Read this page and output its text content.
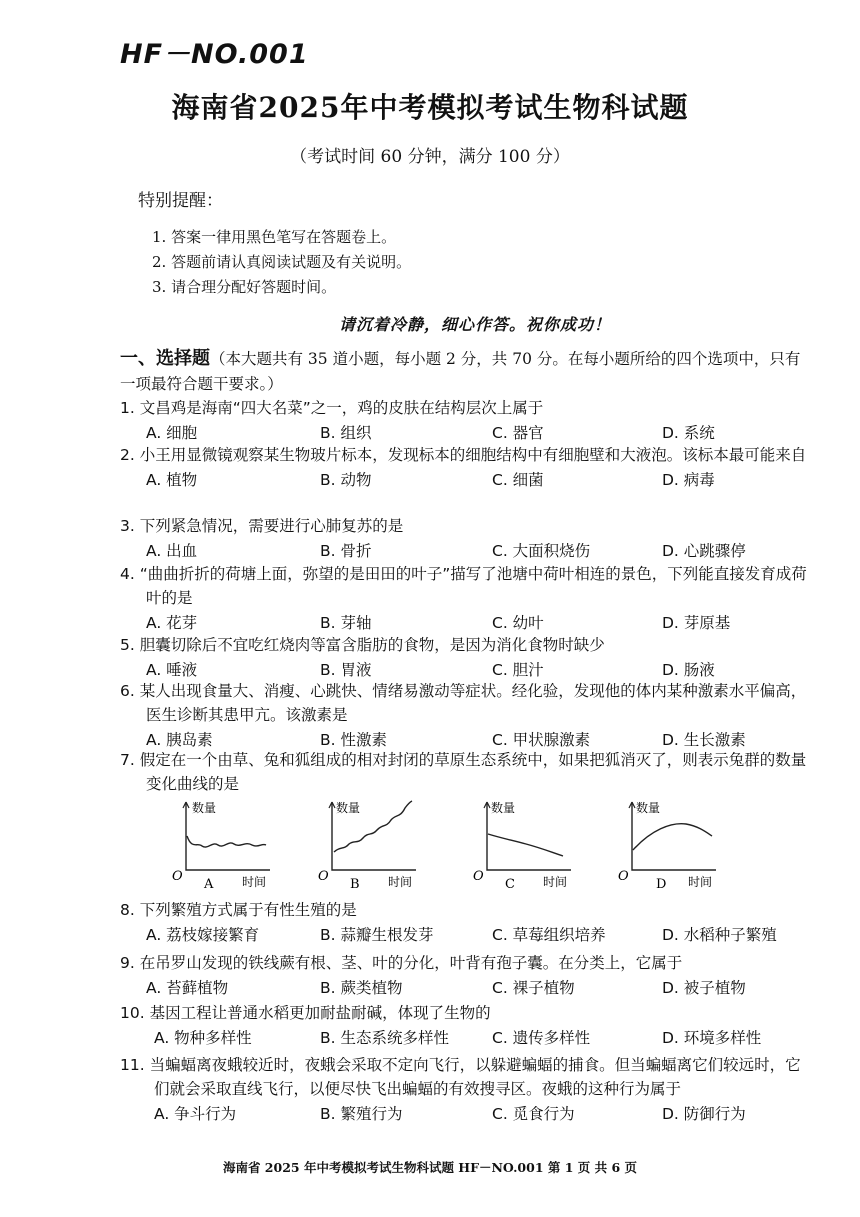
HF－NO.001
海南省2025年中考模拟考试生物科试题
（考试时间 60 分钟，满分 100 分）
特别提醒：
1. 答案一律用黑色笔写在答题卷上。
2. 答题前请认真阅读试题及有关说明。
3. 请合理分配好答题时间。
请沉着冷静，细心作答。祝你成功！
一、选择题（本大题共有 35 道小题，每小题 2 分，共 70 分。在每小题所给的四个选项中，只有一项最符合题干要求。）
1. 文昌鸡是海南“四大名菜”之一，鸡的皮肤在结构层次上属于
A. 细胞	B. 组织	C. 器官	D. 系统
2. 小王用显微镜观察某生物玻片标本，发现标本的细胞结构中有细胞壁和大液泡。该标本最可能来自
A. 植物	B. 动物	C. 细菌	D. 病毒
3. 下列紧急情况，需要进行心肺复苏的是
A. 出血	B. 骨折	C. 大面积烧伤	D. 心跳骤停
4. “曲曲折折的荷塘上面，弥望的是田田的叶子”描写了池塘中荷叶相连的景色，下列能直接发育成荷叶的是
A. 花芽	B. 芽轴	C. 幼叶	D. 芽原基
5. 胆囊切除后不宜吃红烧肉等富含脂肪的食物，是因为消化食物时缺少
A. 唾液	B. 胃液	C. 胆汁	D. 肠液
6. 某人出现食量大、消瘦、心跳快、情绪易激动等症状。经化验，发现他的体内某种激素水平偏高，医生诊断其患甲亢。该激素是
A. 胰岛素	B. 性激素	C. 甲状腺激素	D. 生长激素
7. 假定在一个由草、兔和狐组成的相对封闭的草原生态系统中，如果把狐消灭了，则表示兔群的数量变化曲线的是
数量
O
A 时间
数量
O
B 时间
数量
O
C 时间
数量
O
D 时间
8. 下列繁殖方式属于有性生殖的是
A. 荔枝嫁接繁育	B. 蒜瓣生根发芽	C. 草莓组织培养	D. 水稻种子繁殖
9. 在吊罗山发现的铁线蕨有根、茎、叶的分化，叶背有孢子囊。在分类上，它属于
A. 苔藓植物	B. 蕨类植物	C. 裸子植物	D. 被子植物
10. 基因工程让普通水稻更加耐盐耐碱，体现了生物的
A. 物种多样性	B. 生态系统多样性	C. 遗传多样性	D. 环境多样性
11. 当蝙蝠离夜蛾较近时，夜蛾会采取不定向飞行，以躲避蝙蝠的捕食。但当蝙蝠离它们较远时，它们就会采取直线飞行，以便尽快飞出蝙蝠的有效搜寻区。夜蛾的这种行为属于
A. 争斗行为	B. 繁殖行为	C. 觅食行为	D. 防御行为
海南省 2025 年中考模拟考试生物科试题 HF－NO.001 第 1 页 共 6 页
